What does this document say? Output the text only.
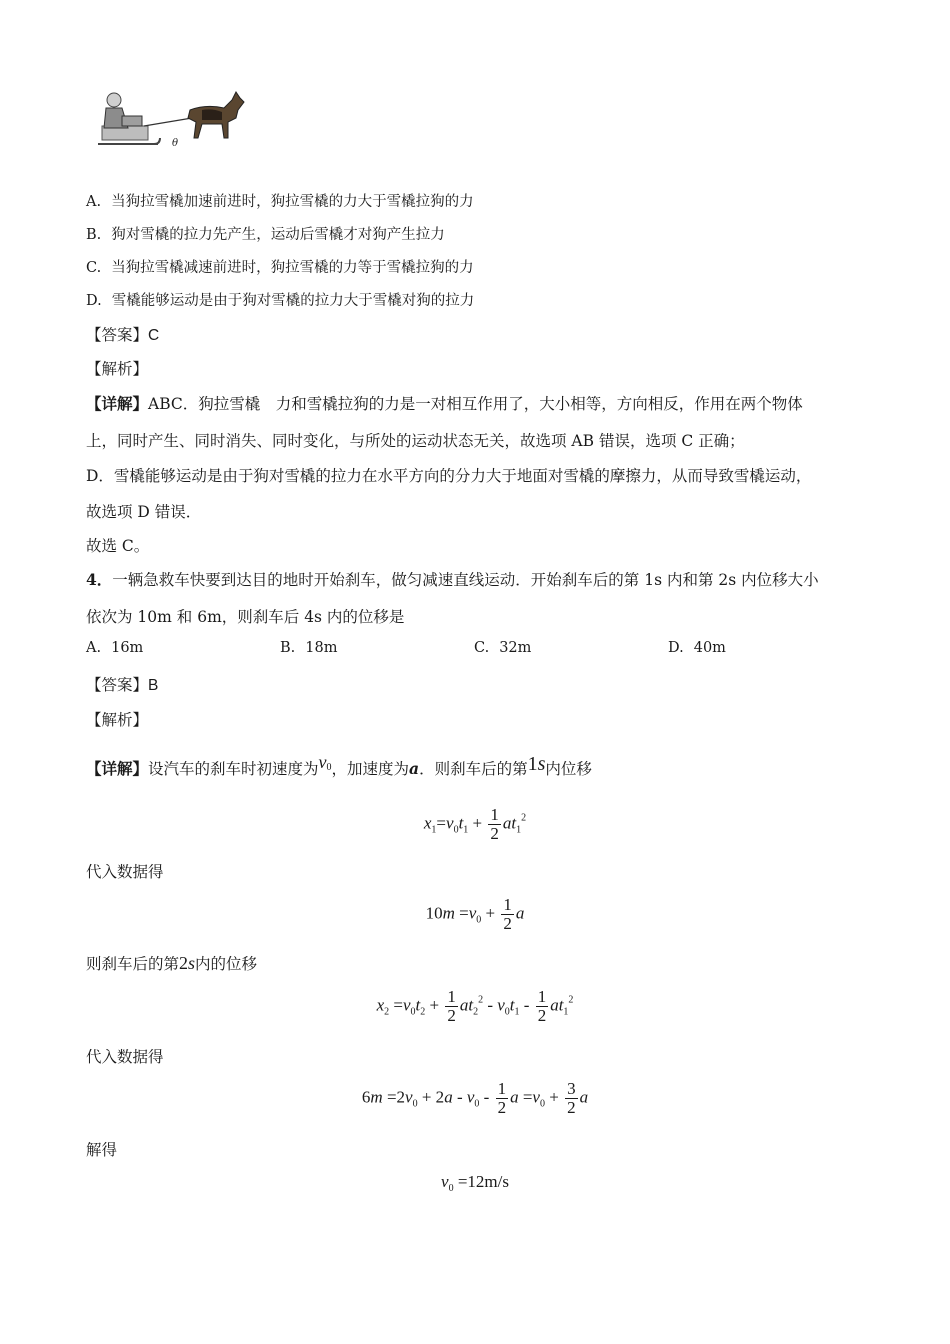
θ
A. 当狗拉雪橇加速前进时，狗拉雪橇的力大于雪橇拉狗的力
B. 狗对雪橇的拉力先产生，运动后雪橇才对狗产生拉力
C. 当狗拉雪橇减速前进时，狗拉雪橇的力等于雪橇拉狗的力
D. 雪橇能够运动是由于狗对雪橇的拉力大于雪橇对狗的拉力
【答案】C
【解析】
【详解】ABC．狗拉雪橇　力和雪橇拉狗的力是一对相互作用了，大小相等，方向相反，作用在两个物体
上，同时产生、同时消失、同时变化，与所处的运动状态无关，故选项 AB 错误，选项 C 正确；
D．雪橇能够运动是由于狗对雪橇的拉力在水平方向的分力大于地面对雪橇的摩擦力，从而导致雪橇运动，
故选项 D 错误．
故选 C。
4．一辆急救车快要到达目的地时开始刹车，做匀减速直线运动．开始刹车后的第 1s 内和第 2s 内位移大小
依次为 10m 和 6m，则刹车后 4s 内的位移是
A. 16m	B. 18m	C. 32m	D. 40m
【答案】B
【解析】
【详解】设汽车的刹车时初速度为$v^0$，加速度为a．则刹车后的第1s内位移
$x_1=v_0t_1 + \frac{1}{2} at_1^2$
代入数据得
$10m =v_0 + \frac{1}{2}$ a
则刹车后的第2s内的位移
$x_2 =v_0t_2 + \frac{1}{2} at_2^2 - v_0t_1 - \frac{1}{2} at_1^2$
代入数据得
$6m =2v_0 + 2a - v_0 - \frac{1}{2}$ $a =v_0 + \frac{3}{2}$ a
解得
$v_0 =12m/s$
